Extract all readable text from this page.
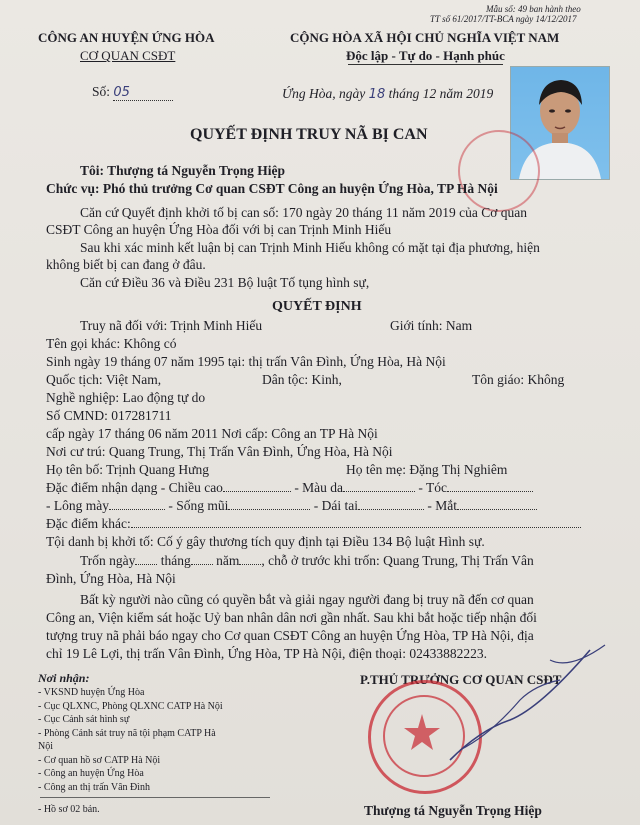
Mẫu số: 49 ban hành theo
TT số 61/2017/TT-BCA ngày 14/12/2017
CÔNG AN HUYỆN ỨNG HÒA
CƠ QUAN CSĐT
Số: 05
CỘNG HÒA XÃ HỘI CHỦ NGHĨA VIỆT NAM
Độc lập - Tự do - Hạnh phúc
Ứng Hòa, ngày 18 tháng 12 năm 2019
QUYẾT ĐỊNH TRUY NÃ BỊ CAN
Tôi: Thượng tá Nguyễn Trọng Hiệp
Chức vụ: Phó thủ trưởng Cơ quan CSĐT Công an huyện Ứng Hòa, TP Hà Nội
Căn cứ Quyết định khởi tố bị can số: 170 ngày 20 tháng 11 năm 2019 của Cơ quan
CSĐT Công an huyện Ứng Hòa đối với bị can Trịnh Minh Hiếu
Sau khi xác minh kết luận bị can Trịnh Minh Hiếu không có mặt tại địa phương, hiện
không biết bị can đang ở đâu.
Căn cứ Điều 36 và Điều 231 Bộ luật Tố tụng hình sự,
QUYẾT ĐỊNH
Truy nã đối với: Trịnh Minh Hiếu	Giới tính: Nam
Tên gọi khác: Không có
Sinh ngày 19 tháng 07 năm 1995 tại: thị trấn Vân Đình, Ứng Hòa, Hà Nội
Quốc tịch: Việt Nam,	Dân tộc: Kinh,	Tôn giáo: Không
Nghề nghiệp: Lao động tự do
Số CMND: 017281711
cấp ngày 17 tháng 06 năm 2011 Nơi cấp: Công an TP Hà Nội
Nơi cư trú: Quang Trung, Thị Trấn Vân Đình, Ứng Hòa, Hà Nội
Họ tên bố: Trịnh Quang Hưng	Họ tên mẹ: Đặng Thị Nghiêm
Đặc điểm nhận dạng - Chiều cao	- Màu da	- Tóc
- Lông mày	- Sống mũi	- Dái tai	- Mắt
Đặc điểm khác:
Tội danh bị khởi tố: Cố ý gây thương tích quy định tại Điều 134 Bộ luật Hình sự.
Trốn ngày tháng năm , chỗ ở trước khi trốn: Quang Trung, Thị Trấn Vân
Đình, Ứng Hòa, Hà Nội
Bất kỳ người nào cũng có quyền bắt và giải ngay người đang bị truy nã đến cơ quan
Công an, Viện kiểm sát hoặc Uỷ ban nhân dân nơi gần nhất. Sau khi bắt hoặc tiếp nhận đối
tượng truy nã phải báo ngay cho Cơ quan CSĐT Công an huyện Ứng Hòa, TP Hà Nội, địa
chỉ 19 Lê Lợi, thị trấn Vân Đình, Ứng Hòa, TP Hà Nội, điện thoại: 02433882223.
Nơi nhận:
- VKSND huyện Ứng Hòa
- Cục QLXNC, Phòng QLXNC CATP Hà Nội
- Cục Cảnh sát hình sự
- Phòng Cảnh sát truy nã tội phạm CATP Hà
Nội
- Cơ quan hồ sơ CATP Hà Nội
- Công an huyện Ứng Hòa
- Công an thị trấn Vân Đình
- Hồ sơ 02 bản.
P.THỦ TRƯỞNG CƠ QUAN CSĐT
Thượng tá Nguyễn Trọng Hiệp
